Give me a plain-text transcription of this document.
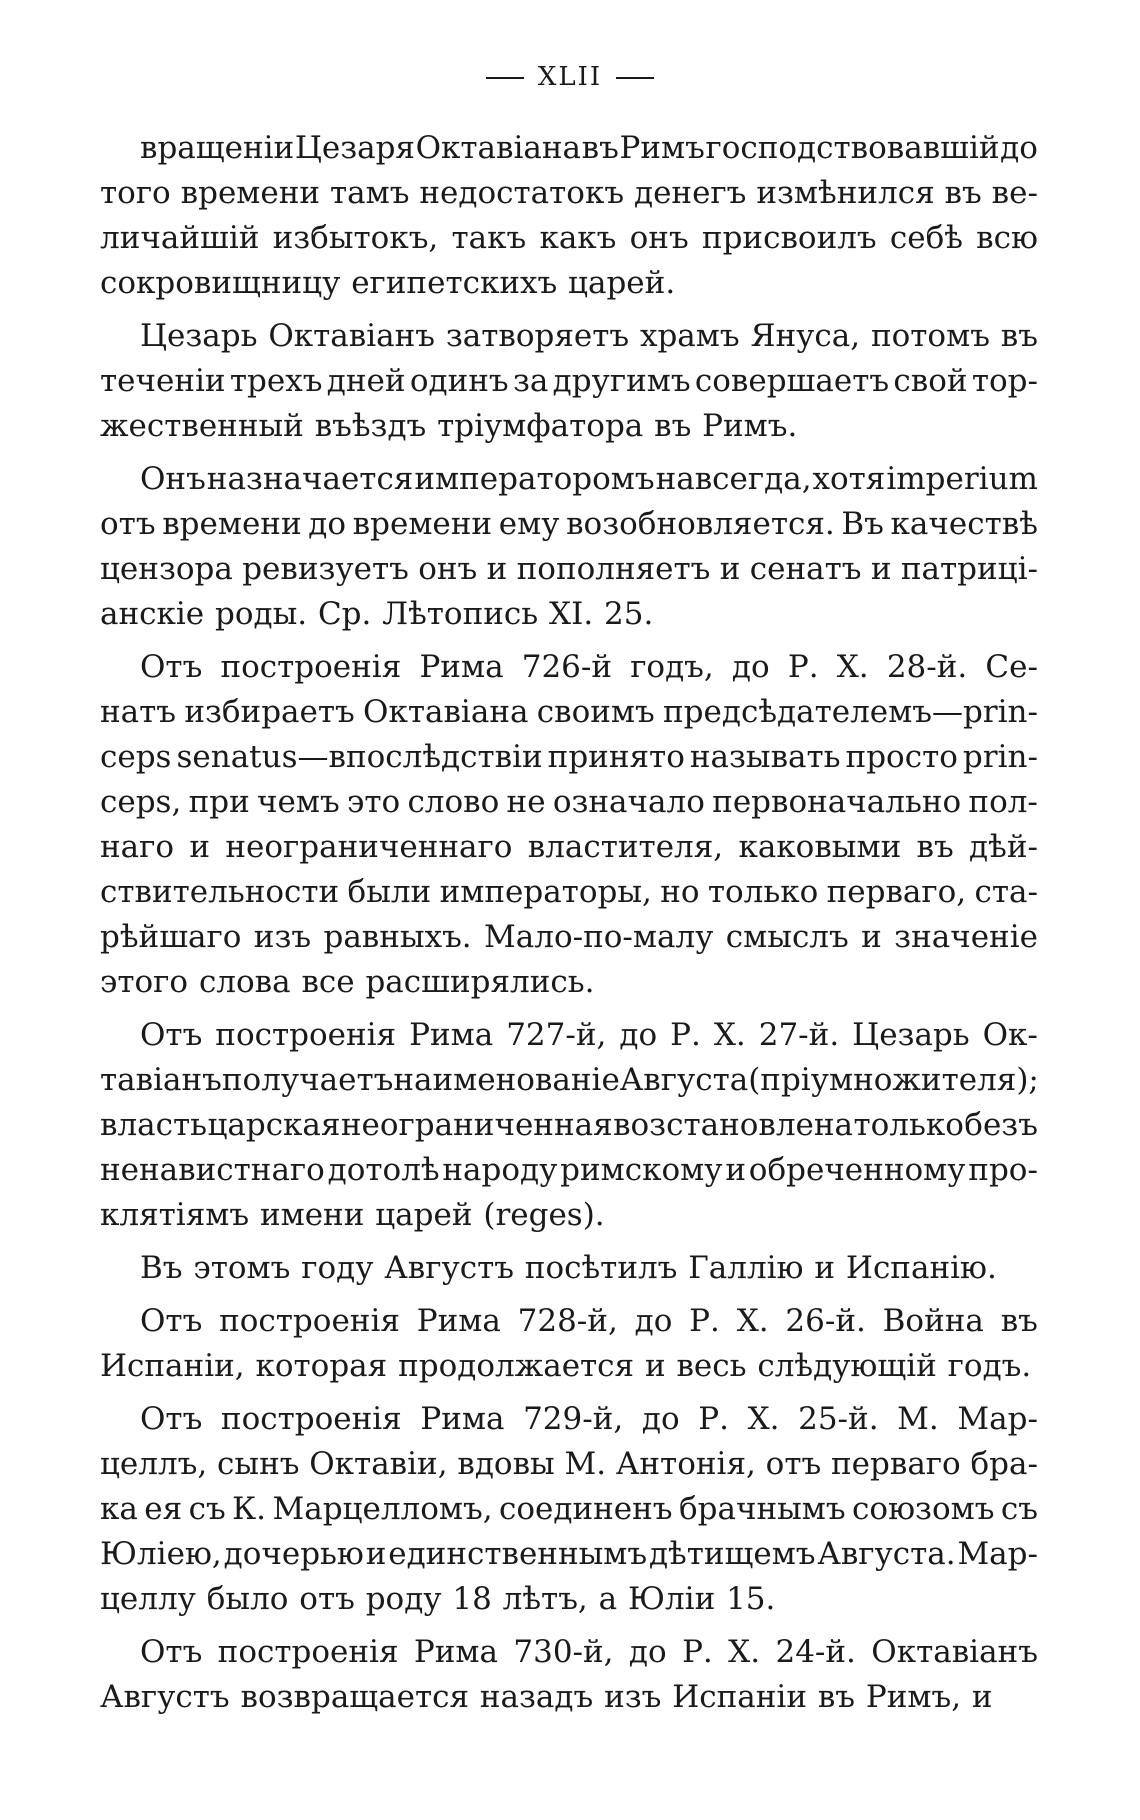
XLII
вращеніи Цезаря Октавіана въ Римъ господствовавшій до
того времени тамъ недостатокъ денегъ измѣнился въ ве-
личайшій избытокъ, такъ какъ онъ присвоилъ себѣ всю
сокровищницу египетскихъ царей.
Цезарь Октавіанъ затворяетъ храмъ Януса, потомъ въ
теченіи трехъ дней одинъ за другимъ совершаетъ свой тор-
жественный въѣздъ тріумфатора въ Римъ.
Онъ назначается императоромъ навсегда, хотя imperium
отъ времени до времени ему возобновляется. Въ качествѣ
цензора ревизуетъ онъ и пополняетъ и сенатъ и патриці-
анскіе роды. Ср. Лѣтопись XI. 25.
Отъ построенія Рима 726-й годъ, до Р. Х. 28-й. Се-
натъ избираетъ Октавіана своимъ предсѣдателемъ—prin-
ceps senatus—впослѣдствіи принято называть просто prin-
ceps, при чемъ это слово не означало первоначально пол-
наго и неограниченнаго властителя, каковыми въ дѣй-
ствительности были императоры, но только перваго, ста-
рѣйшаго изъ равныхъ. Мало-по-малу смыслъ и значеніе
этого слова все расширялись.
Отъ построенія Рима 727-й, до Р. Х. 27-й. Цезарь Ок-
тавіанъ получаетъ наименованіе Августа (пріумножителя);
власть царская неограниченная возстановлена только безъ
ненавистнаго дотолѣ народу римскому и обреченному про-
клятіямъ имени царей (reges).
Въ этомъ году Августъ посѣтилъ Галлію и Испанію.
Отъ построенія Рима 728-й, до Р. Х. 26-й. Война въ
Испаніи, которая продолжается и весь слѣдующій годъ.
Отъ построенія Рима 729-й, до Р. Х. 25-й. М. Мар-
целлъ, сынъ Октавіи, вдовы М. Антонія, отъ перваго бра-
ка ея съ К. Марцелломъ, соединенъ брачнымъ союзомъ съ
Юліею, дочерью и единственнымъ дѣтищемъ Августа. Мар-
целлу было отъ роду 18 лѣтъ, а Юліи 15.
Отъ построенія Рима 730-й, до Р. Х. 24-й. Октавіанъ
Августъ возвращается назадъ изъ Испаніи въ Римъ, и
